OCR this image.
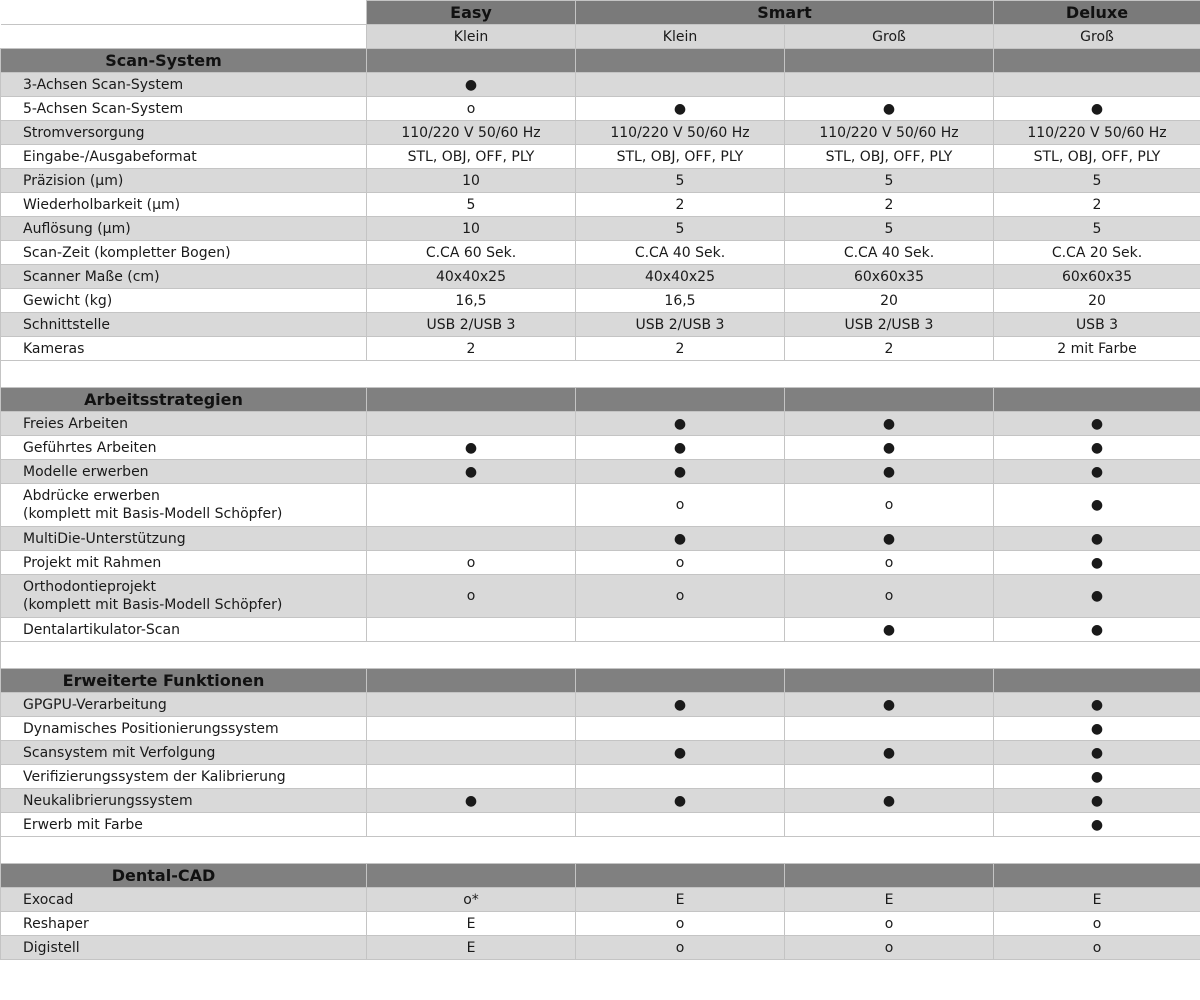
	Easy	Smart		Deluxe
	Klein	Klein	Groß	Groß
Scan-System				
3-Achsen Scan-System	●			
5-Achsen Scan-System	o	●	●	●
Stromversorgung	110/220 V 50/60 Hz	110/220 V 50/60 Hz	110/220 V 50/60 Hz	110/220 V 50/60 Hz
Eingabe-/Ausgabeformat	STL, OBJ, OFF, PLY	STL, OBJ, OFF, PLY	STL, OBJ, OFF, PLY	STL, OBJ, OFF, PLY
Präzision (µm)	10	5	5	5
Wiederholbarkeit (µm)	5	2	2	2
Auflösung (µm)	10	5	5	5
Scan-Zeit (kompletter Bogen)	C.CA 60 Sek.	C.CA 40 Sek.	C.CA 40 Sek.	C.CA 20 Sek.
Scanner Maße (cm)	40x40x25	40x40x25	60x60x35	60x60x35
Gewicht (kg)	16,5	16,5	20	20
Schnittstelle	USB 2/USB 3	USB 2/USB 3	USB 2/USB 3	USB 3
Kameras	2	2	2	2 mit Farbe

Arbeitsstrategien				
Freies Arbeiten		●	●	●
Geführtes Arbeiten	●	●	●	●
Modelle erwerben	●	●	●	●
Abdrücke erwerben
(komplett mit Basis-Modell Schöpfer)		o	o	●
MultiDie-Unterstützung		●	●	●
Projekt mit Rahmen	o	o	o	●
Orthodontieprojekt
(komplett mit Basis-Modell Schöpfer)	o	o	o	●
Dentalartikulator-Scan			●	●

Erweiterte Funktionen				
GPGPU-Verarbeitung		●	●	●
Dynamisches Positionierungssystem				●
Scansystem mit Verfolgung		●	●	●
Verifizierungssystem der Kalibrierung				●
Neukalibrierungssystem	●	●	●	●
Erwerb mit Farbe				●

Dental-CAD				
Exocad	o*	E	E	E
Reshaper	E	o	o	o
Digistell	E	o	o	o
